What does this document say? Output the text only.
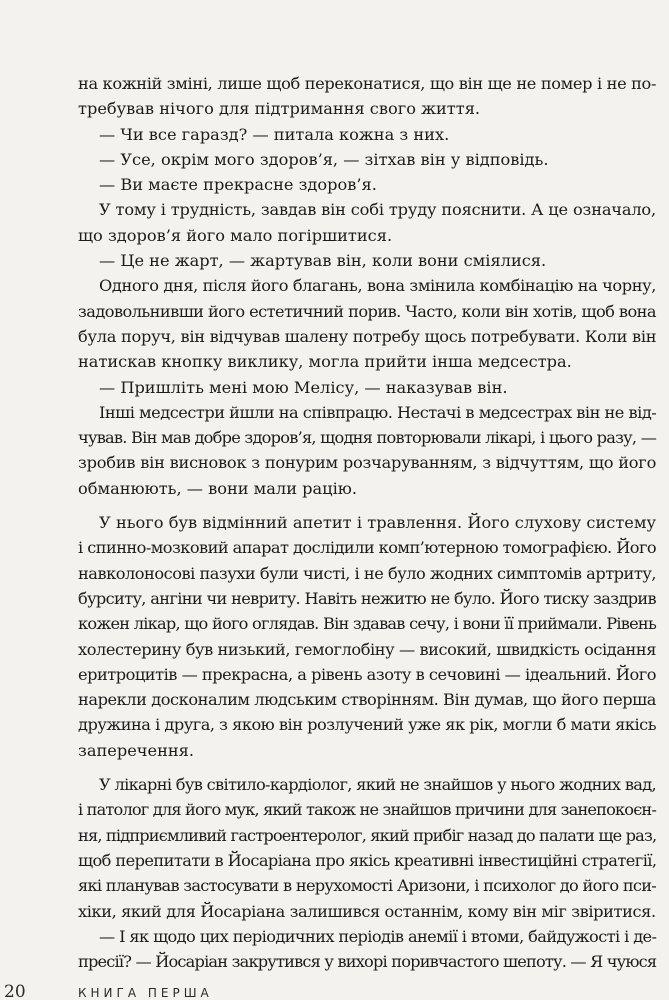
на кожній зміні, лише щоб переконатися, що він ще не помер і не по-
требував нічого для підтримання свого життя.
— Чи все гаразд? — питала кожна з них.
— Усе, окрім мого здоров’я, — зітхав він у відповідь.
— Ви маєте прекрасне здоров’я.
У тому і трудність, завдав він собі труду пояснити. А це означало,
що здоров’я його мало погіршитися.
— Це не жарт, — жартував він, коли вони сміялися.
Одного дня, після його благань, вона змінила комбінацію на чорну,
задовольнивши його естетичний порив. Часто, коли він хотів, щоб вона
була поруч, він відчував шалену потребу щось потребувати. Коли він
натискав кнопку виклику, могла прийти інша медсестра.
— Пришліть мені мою Мелісу, — наказував він.
Інші медсестри йшли на співпрацю. Нестачі в медсестрах він не від-
чував. Він мав добре здоров’я, щодня повторювали лікарі, і цього разу, —
зробив він висновок з понурим розчаруванням, з відчуттям, що його
обманюють, — вони мали рацію.
У нього був відмінний апетит і травлення. Його слухову систему
і спинно-мозковий апарат дослідили комп’ютерною томографією. Його
навколоносові пазухи були чисті, і не було жодних симптомів артриту,
бурситу, ангіни чи невриту. Навіть нежитю не було. Його тиску заздрив
кожен лікар, що його оглядав. Він здавав сечу, і вони її приймали. Рівень
холестерину був низький, гемоглобіну — високий, швидкість осідання
еритроцитів — прекрасна, а рівень азоту в сечовині — ідеальний. Його
нарекли досконалим людським створінням. Він думав, що його перша
дружина і друга, з якою він розлучений уже як рік, могли б мати якісь
заперечення.
У лікарні був світило-кардіолог, який не знайшов у нього жодних вад,
і патолог для його мук, який також не знайшов причини для занепокоєн-
ня, підприємливий гастроентеролог, який прибіг назад до палати ще раз,
щоб перепитати в Йосаріана про якісь креативні інвестиційні стратегії,
які планував застосувати в нерухомості Аризони, і психолог до його пси-
хіки, який для Йосаріана залишився останнім, кому він міг звіритися.
— І як щодо цих періодичних періодів анемії і втоми, байдужості і де-
пресії? — Йосаріан закрутився у вихорі поривчастого шепоту. — Я чуюся
20	КНИГА ПЕРША
